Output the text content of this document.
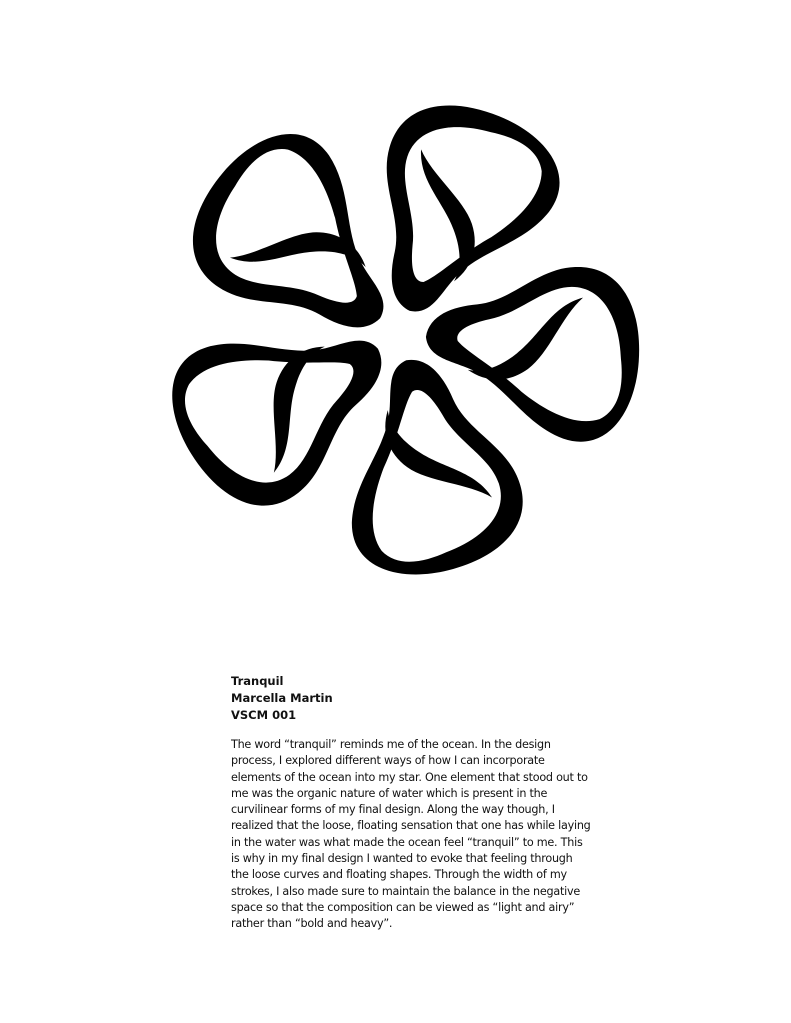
Tranquil

Marcella Martin

VSCM 001

The word “tranquil” reminds me of the ocean. In the design process, I explored different ways of how I can incorporate elements of the ocean into my star. One element that stood out to me was the organic nature of water which is present in the curvilinear forms of my final design. Along the way though, I realized that the loose, floating sensation that one has while laying in the water was what made the ocean feel “tranquil” to me. This is why in my final design I wanted to evoke that feeling through the loose curves and floating shapes. Through the width of my strokes, I also made sure to maintain the balance in the negative space so that the composition can be viewed as “light and airy” rather than “bold and heavy”.
